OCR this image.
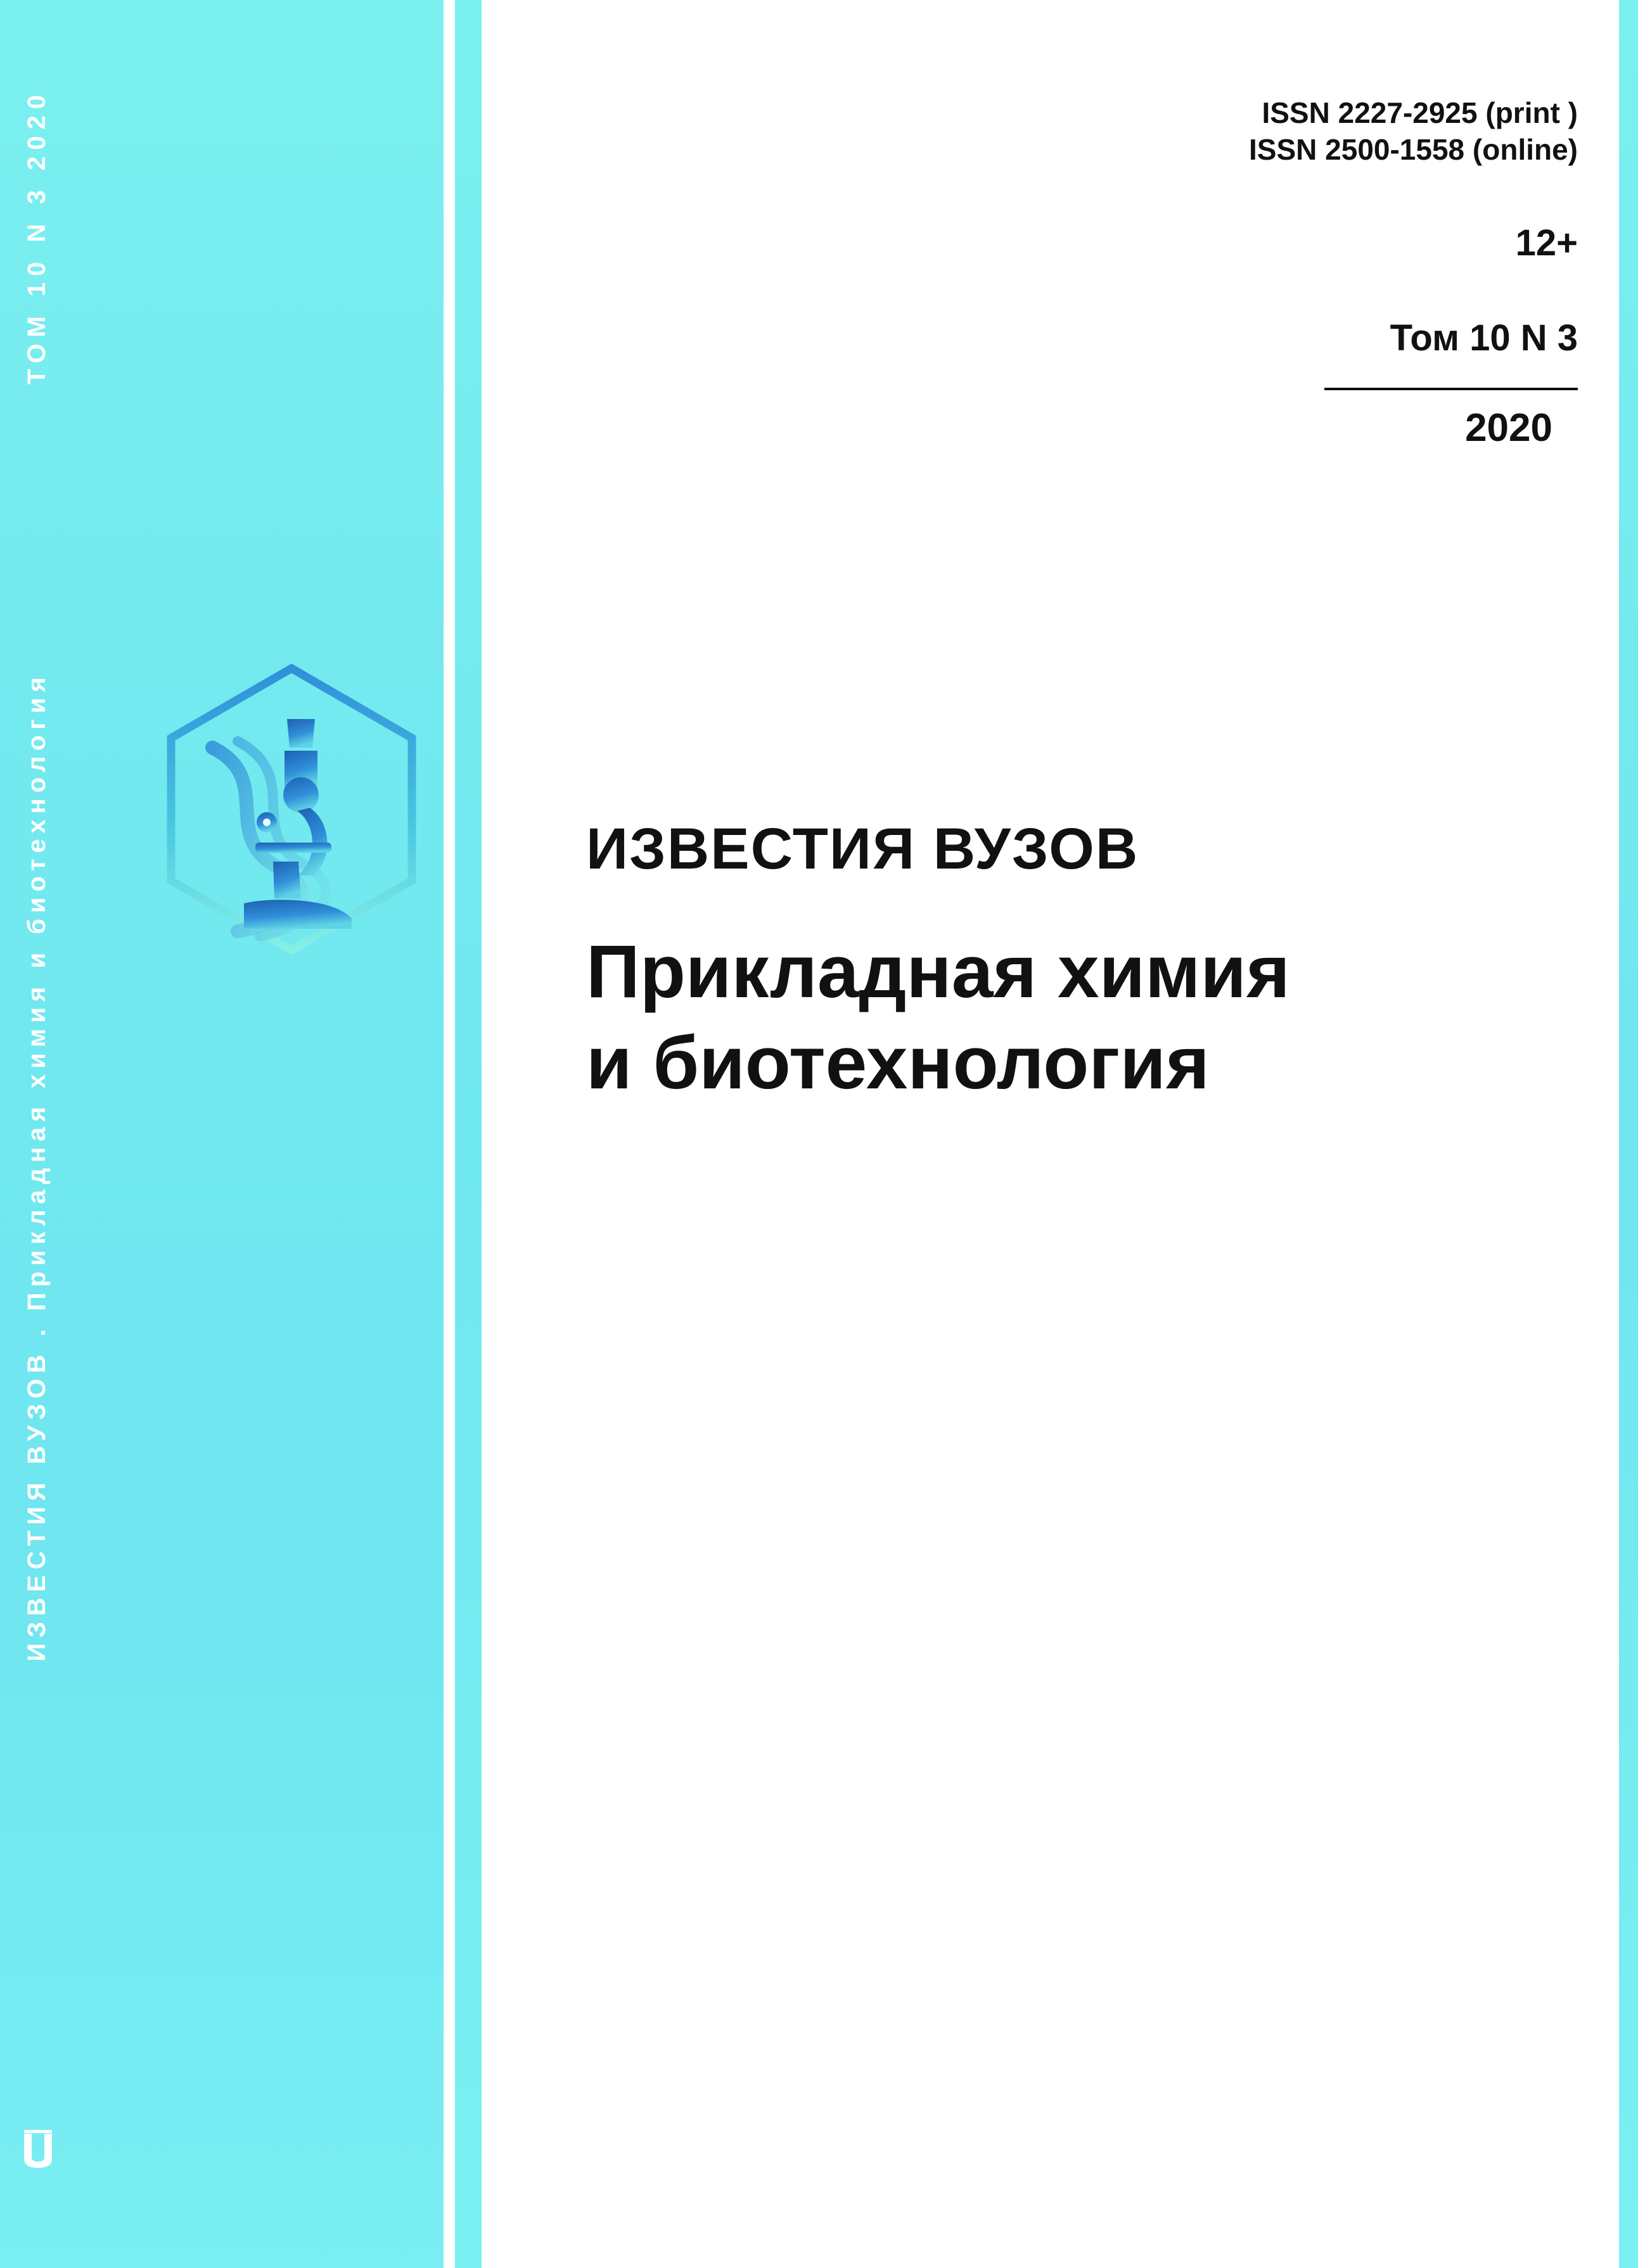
ТОМ 10 N 3 2020
ИЗВЕСТИЯ ВУЗОВ . Прикладная химия и биотехнология
ISSN 2227-2925 (print )
ISSN 2500-1558 (online)
12+
Том 10 N 3
2020
ИЗВЕСТИЯ ВУЗОВ
Прикладная химия
и биотехнология
